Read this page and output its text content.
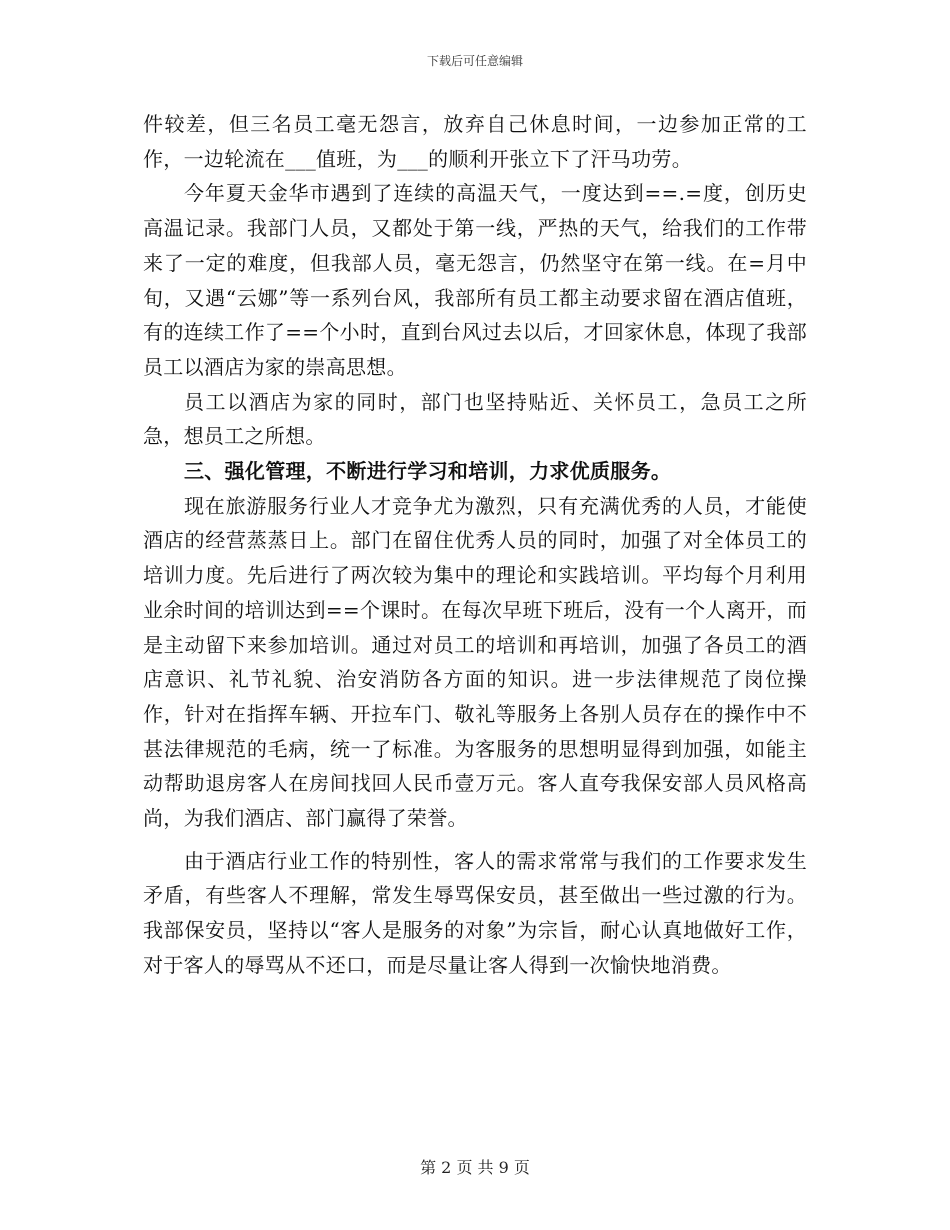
下载后可任意编辑

件较差，但三名员工毫无怨言，放弃自己休息时间，一边参加正常的工作，一边轮流在___值班，为___的顺利开张立下了汗马功劳。

今年夏天金华市遇到了连续的高温天气，一度达到==.=度，创历史高温记录。我部门人员，又都处于第一线，严热的天气，给我们的工作带来了一定的难度，但我部人员，毫无怨言，仍然坚守在第一线。在=月中旬，又遇“云娜”等一系列台风，我部所有员工都主动要求留在酒店值班，有的连续工作了==个小时，直到台风过去以后，才回家休息，体现了我部员工以酒店为家的崇高思想。

员工以酒店为家的同时，部门也坚持贴近、关怀员工，急员工之所急，想员工之所想。

三、强化管理，不断进行学习和培训，力求优质服务。

现在旅游服务行业人才竞争尤为激烈，只有充满优秀的人员，才能使酒店的经营蒸蒸日上。部门在留住优秀人员的同时，加强了对全体员工的培训力度。先后进行了两次较为集中的理论和实践培训。平均每个月利用业余时间的培训达到==个课时。在每次早班下班后，没有一个人离开，而是主动留下来参加培训。通过对员工的培训和再培训，加强了各员工的酒店意识、礼节礼貌、治安消防各方面的知识。进一步法律规范了岗位操作，针对在指挥车辆、开拉车门、敬礼等服务上各别人员存在的操作中不甚法律规范的毛病，统一了标准。为客服务的思想明显得到加强，如能主动帮助退房客人在房间找回人民币壹万元。客人直夸我保安部人员风格高尚，为我们酒店、部门赢得了荣誉。

由于酒店行业工作的特别性，客人的需求常常与我们的工作要求发生矛盾，有些客人不理解，常发生辱骂保安员，甚至做出一些过激的行为。我部保安员，坚持以“客人是服务的对象”为宗旨，耐心认真地做好工作，对于客人的辱骂从不还口，而是尽量让客人得到一次愉快地消费。

第 2 页 共 9 页
